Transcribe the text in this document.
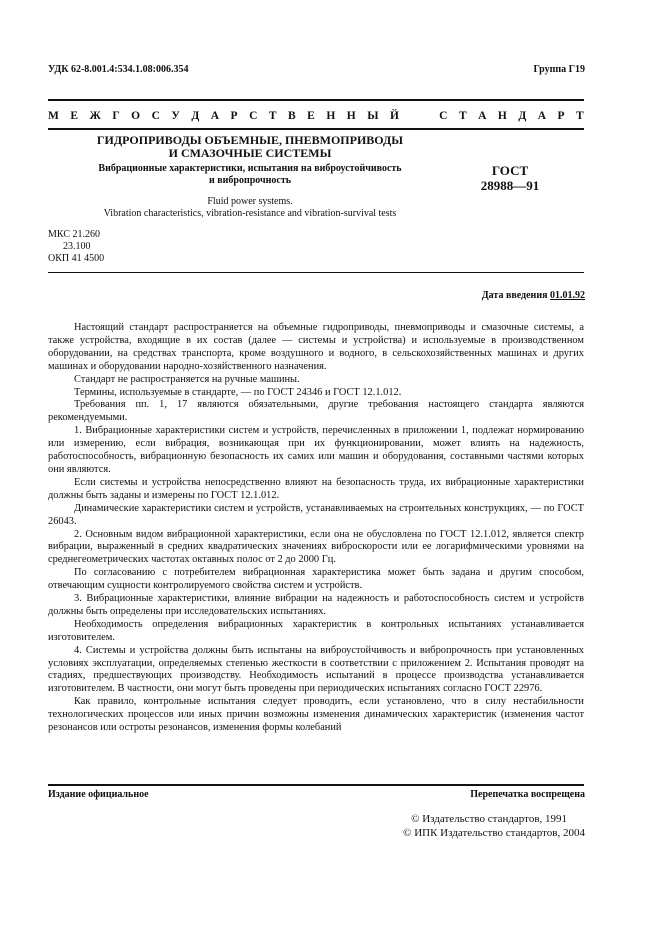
УДК 62-8.001.4:534.1.08:006.354	Группа Г19
М Е Ж Г О С У Д А Р С Т В Е Н Н Ы Й

	С Т А Н Д А Р Т
ГИДРОПРИВОДЫ ОБЪЕМНЫЕ, ПНЕВМОПРИВОДЫ
И СМАЗОЧНЫЕ СИСТЕМЫ
Вибрационные характеристики, испытания на виброустойчивость
и вибропрочность
ГОСТ
28988—91
Fluid power systems.
Vibration characteristics, vibration-resistance and vibration-survival tests
МКС 21.260
23.100
ОКП 41 4500
Дата введения 01.01.92

Настоящий стандарт распространяется на объемные гидроприводы, пневмоприводы и смазочные системы, а также устройства, входящие в их состав (далее — системы и устройства) и используемые в производственном оборудовании, на средствах транспорта, кроме воздушного и водного, в сельскохозяйственных машинах и других машинах и оборудовании народно-хозяйственного назначения.

Стандарт не распространяется на ручные машины.

Термины, используемые в стандарте, — по ГОСТ 24346 и ГОСТ 12.1.012.

Требования пп. 1, 17 являются обязательными, другие требования настоящего стандарта являются рекомендуемыми.

1. Вибрационные характеристики систем и устройств, перечисленных в приложении 1, подлежат нормированию или измерению, если вибрация, возникающая при их функционировании, может влиять на надежность, работоспособность, вибрационную безопасность их самих или машин и оборудования, составными частями которых они являются.

Если системы и устройства непосредственно влияют на безопасность труда, их вибрационные характеристики должны быть заданы и измерены по ГОСТ 12.1.012.

Динамические характеристики систем и устройств, устанавливаемых на строительных конструкциях, — по ГОСТ 26043.

2. Основным видом вибрационной характеристики, если она не обусловлена по ГОСТ 12.1.012, является спектр вибрации, выраженный в средних квадратических значениях виброскорости или ее логарифмическими уровнями на среднегеометрических частотах октавных полос от 2 до 2000 Гц.

По согласованию с потребителем вибрационная характеристика может быть задана и другим способом, отвечающим сущности контролируемого свойства систем и устройств.

3. Вибрационные характеристики, влияние вибрации на надежность и работоспособность систем и устройств должны быть определены при исследовательских испытаниях.

Необходимость определения вибрационных характеристик в контрольных испытаниях устанавливается изготовителем.

4. Системы и устройства должны быть испытаны на виброустойчивость и вибропрочность при установленных условиях эксплуатации, определяемых степенью жесткости в соответствии с приложением 2. Испытания проводят на стадиях, предшествующих производству. Необходимость испытаний в процессе производства устанавливается изготовителем. В частности, они могут быть проведены при периодических испытаниях согласно ГОСТ 22976.

Как правило, контрольные испытания следует проводить, если установлено, что в силу нестабильности технологических процессов или иных причин возможны изменения динамических характеристик (изменения частот резонансов или остроты резонансов, изменения формы колебаний

Издание официальное	Перепечатка воспрещена
© Издательство стандартов, 1991
© ИПК Издательство стандартов, 2004
